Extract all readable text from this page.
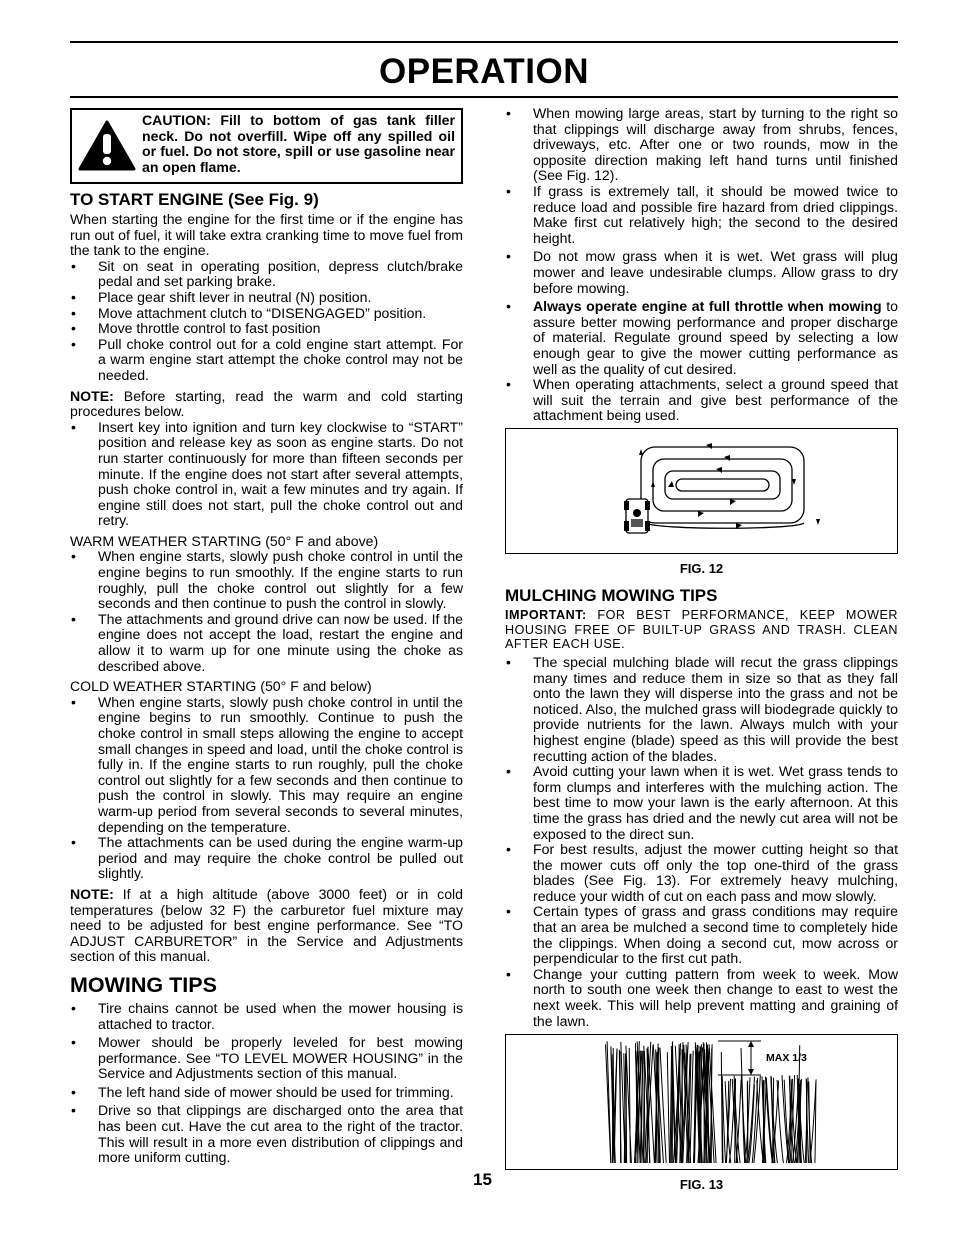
OPERATION
CAUTION: Fill to bottom of gas tank filler neck. Do not overfill. Wipe off any spilled oil or fuel. Do not store, spill or use gasoline near an open flame.
TO START ENGINE (See Fig. 9)

When starting the engine for the first time or if the engine has run out of fuel, it will take extra cranking time to move fuel from the tank to the engine.

• Sit on seat in operating position, depress clutch/brake pedal and set parking brake.
• Place gear shift lever in neutral (N) position.
• Move attachment clutch to “DISENGAGED” position.
• Move throttle control to fast position
• Pull choke control out for a cold engine start attempt. For a warm engine start attempt the choke control may not be needed.

NOTE: Before starting, read the warm and cold starting procedures below.

• Insert key into ignition and turn key clockwise to “START” position and release key as soon as engine starts. Do not run starter continuously for more than fifteen seconds per minute. If the engine does not start after several attempts, push choke control in, wait a few minutes and try again. If engine still does not start, pull the choke control out and retry.

WARM WEATHER STARTING (50° F and above)

• When engine starts, slowly push choke control in until the engine begins to run smoothly. If the engine starts to run roughly, pull the choke control out slightly for a few seconds and then continue to push the control in slowly.
• The attachments and ground drive can now be used. If the engine does not accept the load, restart the engine and allow it to warm up for one minute using the choke as described above.

COLD WEATHER STARTING (50° F and below)

• When engine starts, slowly push choke control in until the engine begins to run smoothly. Continue to push the choke control in small steps allowing the engine to accept small changes in speed and load, until the choke control is fully in. If the engine starts to run roughly, pull the choke control out slightly for a few seconds and then continue to push the control in slowly. This may require an engine warm-up period from several seconds to several minutes, depending on the temperature.
• The attachments can be used during the engine warm-up period and may require the choke control be pulled out slightly.

NOTE: If at a high altitude (above 3000 feet) or in cold temperatures (below 32 F) the carburetor fuel mixture may need to be adjusted for best engine performance. See “TO ADJUST CARBURETOR” in the Service and Adjustments section of this manual.

MOWING TIPS
• Tire chains cannot be used when the mower housing is attached to tractor.
• Mower should be properly leveled for best mowing performance. See “TO LEVEL MOWER HOUSING” in the Service and Adjustments section of this manual.
• The left hand side of mower should be used for trimming.
• Drive so that clippings are discharged onto the area that has been cut. Have the cut area to the right of the tractor. This will result in a more even distribution of clippings and more uniform cutting.
• When mowing large areas, start by turning to the right so that clippings will discharge away from shrubs, fences, driveways, etc. After one or two rounds, mow in the opposite direction making left hand turns until finished (See Fig. 12).
• If grass is extremely tall, it should be mowed twice to reduce load and possible fire hazard from dried clippings. Make first cut relatively high; the second to the desired height.
• Do not mow grass when it is wet. Wet grass will plug mower and leave undesirable clumps. Allow grass to dry before mowing.
• Always operate engine at full throttle when mowing to assure better mowing performance and proper discharge of material. Regulate ground speed by selecting a low enough gear to give the mower cutting performance as well as the quality of cut desired.
• When operating attachments, select a ground speed that will suit the terrain and give best performance of the attachment being used.
FIG. 12
MULCHING MOWING TIPS

IMPORTANT: FOR BEST PERFORMANCE, KEEP MOWER HOUSING FREE OF BUILT-UP GRASS AND TRASH. CLEAN AFTER EACH USE.

• The special mulching blade will recut the grass clippings many times and reduce them in size so that as they fall onto the lawn they will disperse into the grass and not be noticed. Also, the mulched grass will biodegrade quickly to provide nutrients for the lawn. Always mulch with your highest engine (blade) speed as this will provide the best recutting action of the blades.
• Avoid cutting your lawn when it is wet. Wet grass tends to form clumps and interferes with the mulching action. The best time to mow your lawn is the early afternoon. At this time the grass has dried and the newly cut area will not be exposed to the direct sun.
• For best results, adjust the mower cutting height so that the mower cuts off only the top one-third of the grass blades (See Fig. 13). For extremely heavy mulching, reduce your width of cut on each pass and mow slowly.
• Certain types of grass and grass conditions may require that an area be mulched a second time to completely hide the clippings. When doing a second cut, mow across or perpendicular to the first cut path.
• Change your cutting pattern from week to week. Mow north to south one week then change to east to west the next week. This will help prevent matting and graining of the lawn.
MAX 1/3
FIG. 13
15
